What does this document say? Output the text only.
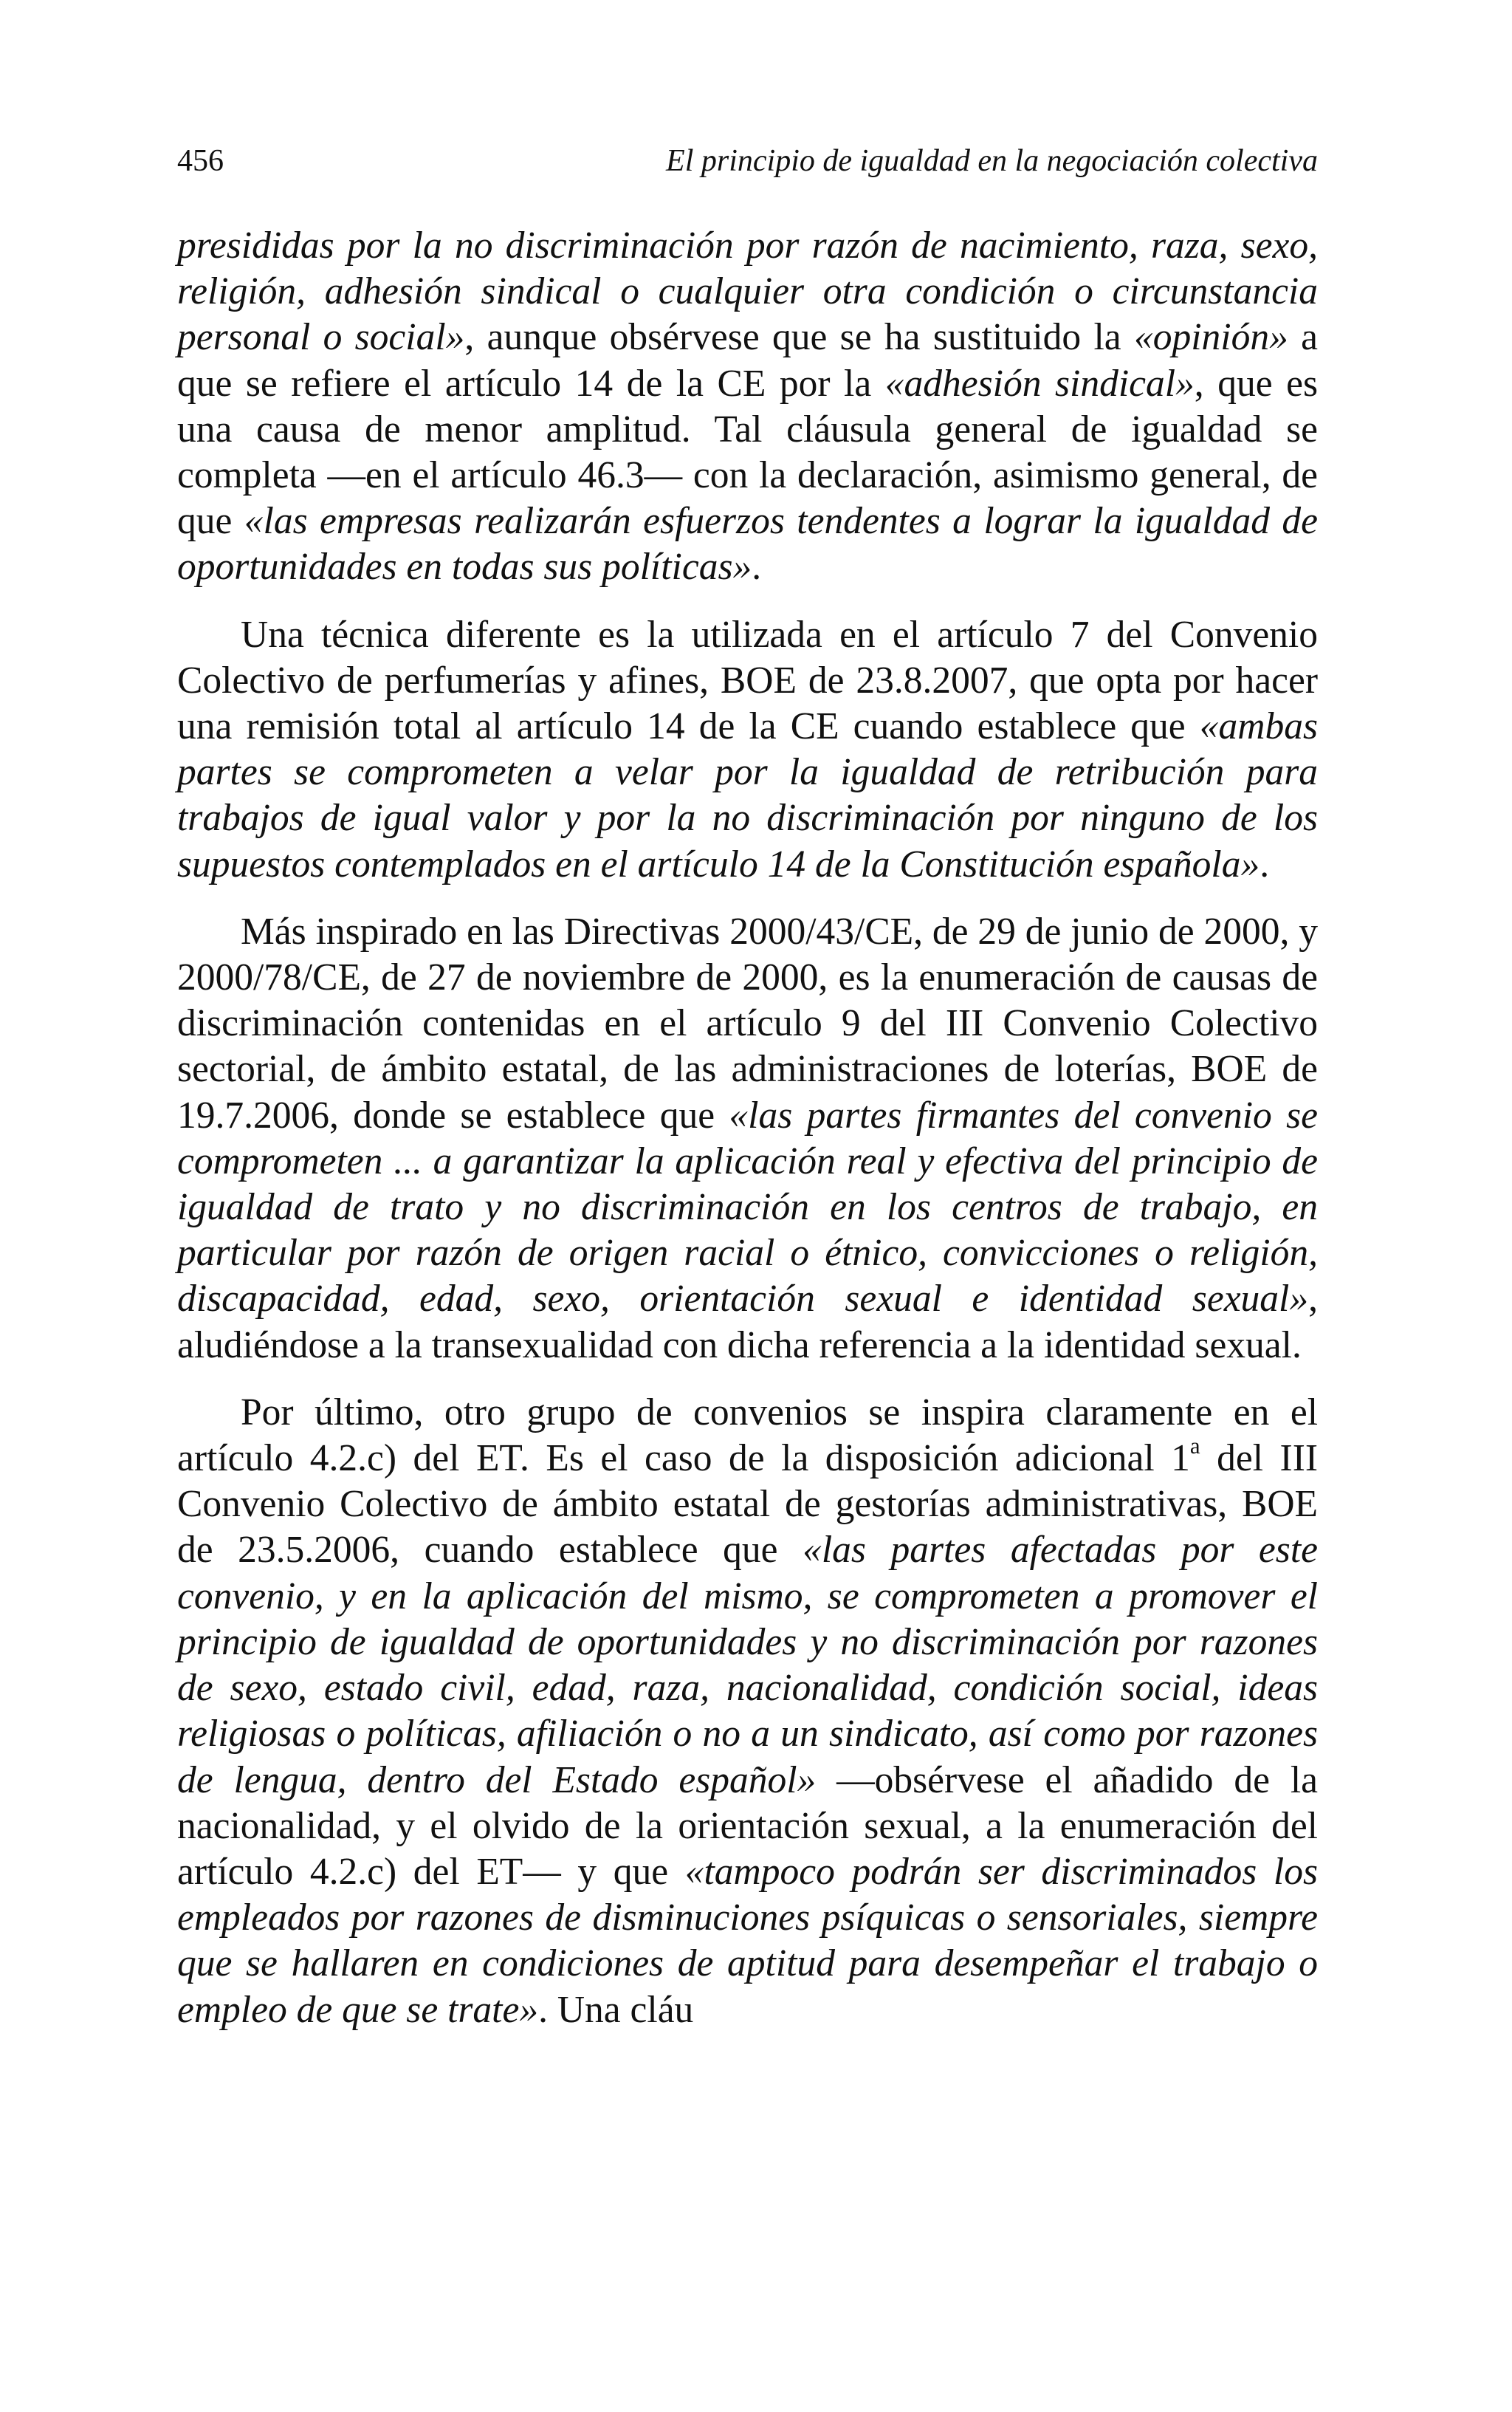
456	El principio de igualdad en la negociación colectiva

presididas por la no discriminación por razón de nacimiento, raza, sexo, religión, adhesión sindical o cualquier otra condición o circunstancia personal o social», aunque obsérvese que se ha sustituido la «opinión» a que se refiere el artículo 14 de la CE por la «adhesión sindical», que es una causa de menor amplitud. Tal cláusula general de igualdad se completa —en el artículo 46.3— con la declaración, asimismo general, de que «las empresas realizarán esfuerzos tendentes a lograr la igualdad de oportunidades en todas sus políticas».

Una técnica diferente es la utilizada en el artículo 7 del Convenio Colectivo de perfumerías y afines, BOE de 23.8.2007, que opta por hacer una remisión total al artículo 14 de la CE cuando establece que «ambas partes se comprometen a velar por la igualdad de retribución para trabajos de igual valor y por la no discriminación por ninguno de los supuestos contemplados en el artículo 14 de la Constitución española».

Más inspirado en las Directivas 2000/43/CE, de 29 de junio de 2000, y 2000/78/CE, de 27 de noviembre de 2000, es la enumeración de causas de discriminación contenidas en el artículo 9 del III Convenio Colectivo sectorial, de ámbito estatal, de las administraciones de loterías, BOE de 19.7.2006, donde se establece que «las partes firmantes del convenio se comprometen ... a garantizar la aplicación real y efectiva del principio de igualdad de trato y no discriminación en los centros de trabajo, en particular por razón de origen racial o étnico, convicciones o religión, discapacidad, edad, sexo, orientación sexual e identidad sexual», aludiéndose a la transexualidad con dicha referencia a la identidad sexual.

Por último, otro grupo de convenios se inspira claramente en el artículo 4.2.c) del ET. Es el caso de la disposición adicional 1$^a$ del III Convenio Colectivo de ámbito estatal de gestorías administrativas, BOE de 23.5.2006, cuando establece que «las partes afectadas por este convenio, y en la aplicación del mismo, se comprometen a promover el principio de igualdad de oportunidades y no discriminación por razones de sexo, estado civil, edad, raza, nacionalidad, condición social, ideas religiosas o políticas, afiliación o no a un sindicato, así como por razones de lengua, dentro del Estado español» —obsérvese el añadido de la nacionalidad, y el olvido de la orientación sexual, a la enumeración del artículo 4.2.c) del ET— y que «tampoco podrán ser discriminados los empleados por razones de disminuciones psíquicas o sensoriales, siempre que se hallaren en condiciones de aptitud para desempeñar el trabajo o empleo de que se trate». Una cláu
